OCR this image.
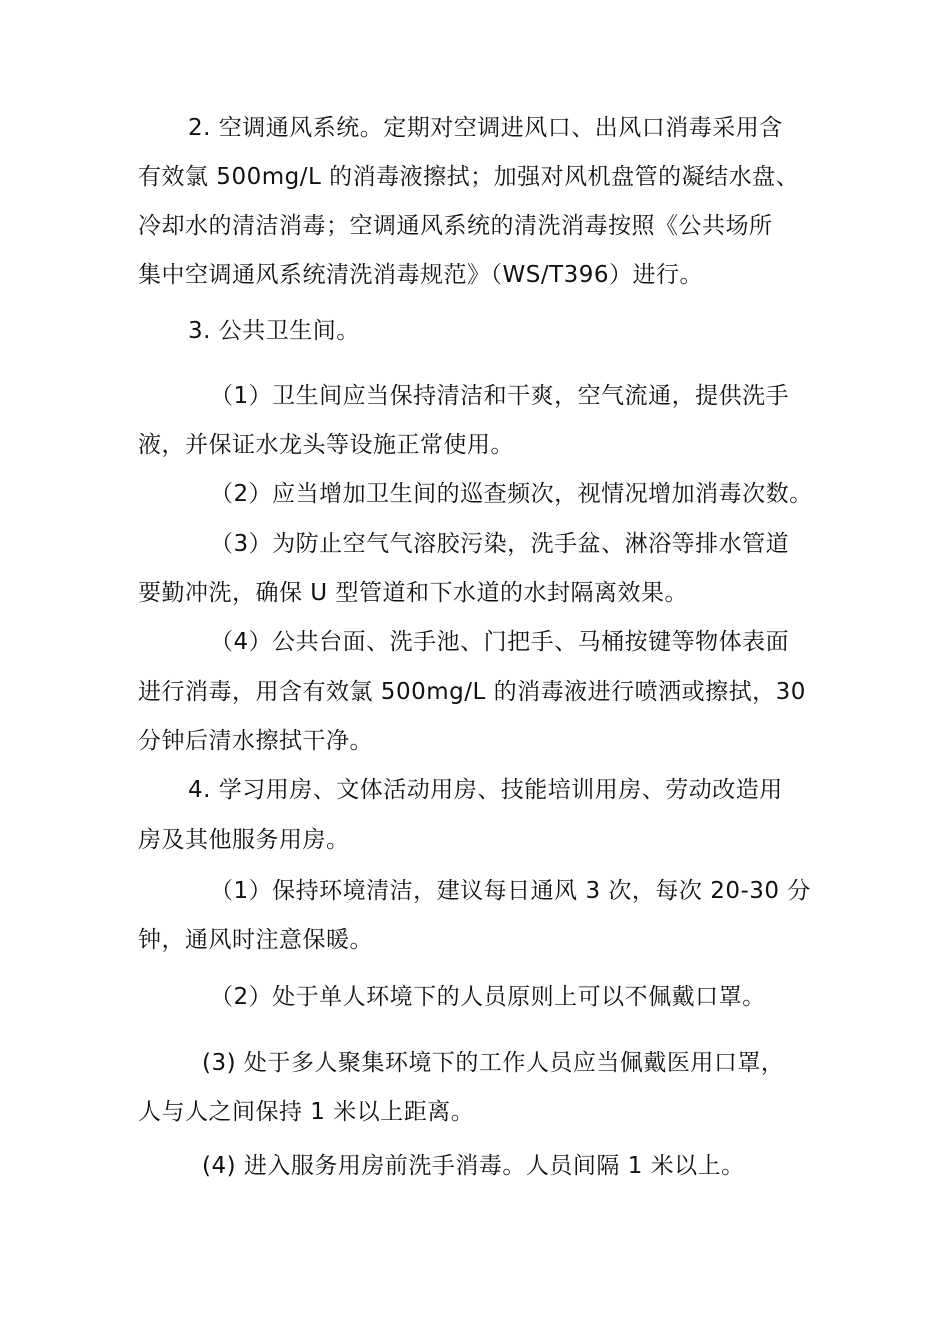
2. 空调通风系统。定期对空调进风口、出风口消毒采用含

有效氯 500mg/L 的消毒液擦拭；加强对风机盘管的凝结水盘、

冷却水的清洁消毒；空调通风系统的清洗消毒按照《公共场所

集中空调通风系统清洗消毒规范》（WS/T396）进行。

3. 公共卫生间。

（1）卫生间应当保持清洁和干爽，空气流通，提供洗手

液，并保证水龙头等设施正常使用。

（2）应当增加卫生间的巡查频次，视情况增加消毒次数。

（3）为防止空气气溶胶污染，洗手盆、淋浴等排水管道

要勤冲洗，确保 U 型管道和下水道的水封隔离效果。

（4）公共台面、洗手池、门把手、马桶按键等物体表面

进行消毒，用含有效氯 500mg/L 的消毒液进行喷洒或擦拭，30

分钟后清水擦拭干净。

4. 学习用房、文体活动用房、技能培训用房、劳动改造用

房及其他服务用房。

（1）保持环境清洁，建议每日通风 3 次，每次 20-30 分

钟，通风时注意保暖。

（2）处于单人环境下的人员原则上可以不佩戴口罩。

(3) 处于多人聚集环境下的工作人员应当佩戴医用口罩，

人与人之间保持 1 米以上距离。

(4) 进入服务用房前洗手消毒。人员间隔 1 米以上。
